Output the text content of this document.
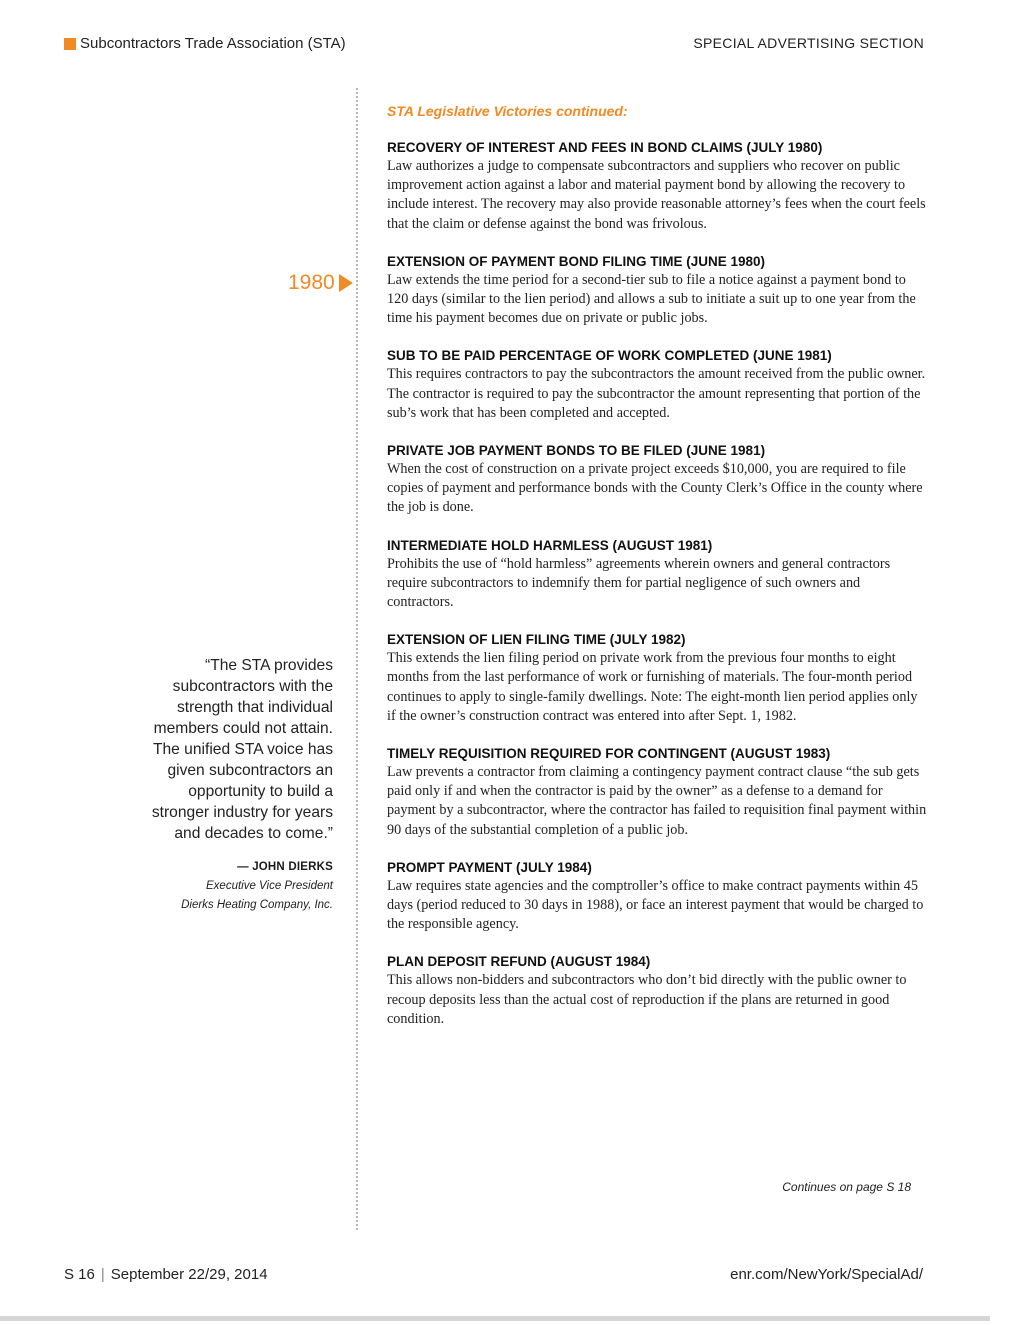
Subcontractors Trade Association (STA)	SPECIAL ADVERTISING SECTION
1980
“The STA provides subcontractors with the strength that individual members could not attain. The unified STA voice has given subcontractors an opportunity to build a stronger industry for years and decades to come.”
— JOHN DIERKS
Executive Vice President
Dierks Heating Company, Inc.
STA Legislative Victories continued:
RECOVERY OF INTEREST AND FEES IN BOND CLAIMS (JULY 1980)
Law authorizes a judge to compensate subcontractors and suppliers who recover on public improvement action against a labor and material payment bond by allowing the recovery to include interest. The recovery may also provide reasonable attorney’s fees when the court feels that the claim or defense against the bond was frivolous.
EXTENSION OF PAYMENT BOND FILING TIME (JUNE 1980)
Law extends the time period for a second-tier sub to file a notice against a payment bond to 120 days (similar to the lien period) and allows a sub to initiate a suit up to one year from the time his payment becomes due on private or public jobs.
SUB TO BE PAID PERCENTAGE OF WORK COMPLETED (JUNE 1981)
This requires contractors to pay the subcontractors the amount received from the public owner. The contractor is required to pay the subcontractor the amount representing that portion of the sub’s work that has been completed and accepted.
PRIVATE JOB PAYMENT BONDS TO BE FILED (JUNE 1981)
When the cost of construction on a private project exceeds $10,000, you are required to file copies of payment and performance bonds with the County Clerk’s Office in the county where the job is done.
INTERMEDIATE HOLD HARMLESS (AUGUST 1981)
Prohibits the use of “hold harmless” agreements wherein owners and general contractors require subcontractors to indemnify them for partial negligence of such owners and contractors.
EXTENSION OF LIEN FILING TIME (JULY 1982)
This extends the lien filing period on private work from the previous four months to eight months from the last performance of work or furnishing of materials. The four-month period continues to apply to single-family dwellings. Note: The eight-month lien period applies only if the owner’s construction contract was entered into after Sept. 1, 1982.
TIMELY REQUISITION REQUIRED FOR CONTINGENT (AUGUST 1983)
Law prevents a contractor from claiming a contingency payment contract clause “the sub gets paid only if and when the contractor is paid by the owner” as a defense to a demand for payment by a subcontractor, where the contractor has failed to requisition final payment within 90 days of the substantial completion of a public job.
PROMPT PAYMENT (JULY 1984)
Law requires state agencies and the comptroller’s office to make contract payments within 45 days (period reduced to 30 days in 1988), or face an interest payment that would be charged to the responsible agency.
PLAN DEPOSIT REFUND (AUGUST 1984)
This allows non-bidders and subcontractors who don’t bid directly with the public owner to recoup deposits less than the actual cost of reproduction if the plans are returned in good condition.
Continues on page S 18
S 16 | September 22/29, 2014	enr.com/NewYork/SpecialAd/
